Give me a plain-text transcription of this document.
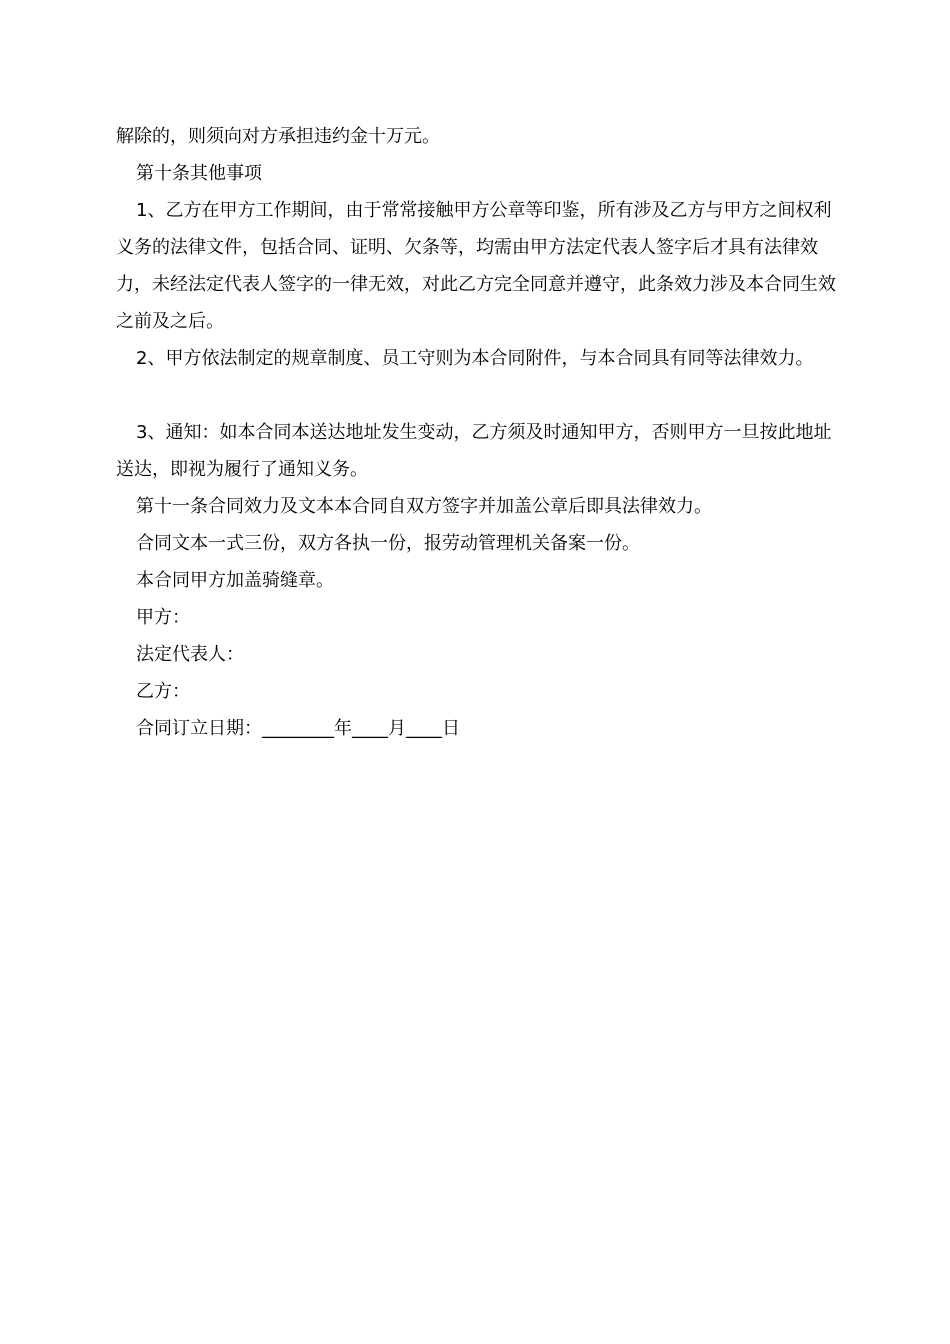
解除的，则须向对方承担违约金十万元。

第十条其他事项

1、乙方在甲方工作期间，由于常常接触甲方公章等印鉴，所有涉及乙方与甲方之间权利义务的法律文件，包括合同、证明、欠条等，均需由甲方法定代表人签字后才具有法律效力，未经法定代表人签字的一律无效，对此乙方完全同意并遵守，此条效力涉及本合同生效之前及之后。

2、甲方依法制定的规章制度、员工守则为本合同附件，与本合同具有同等法律效力。

3、通知：如本合同本送达地址发生变动，乙方须及时通知甲方，否则甲方一旦按此地址送达，即视为履行了通知义务。

第十一条合同效力及文本本合同自双方签字并加盖公章后即具法律效力。

合同文本一式三份，双方各执一份，报劳动管理机关备案一份。

本合同甲方加盖骑缝章。

甲方：

法定代表人：

乙方：

合同订立日期：________年____月____日
